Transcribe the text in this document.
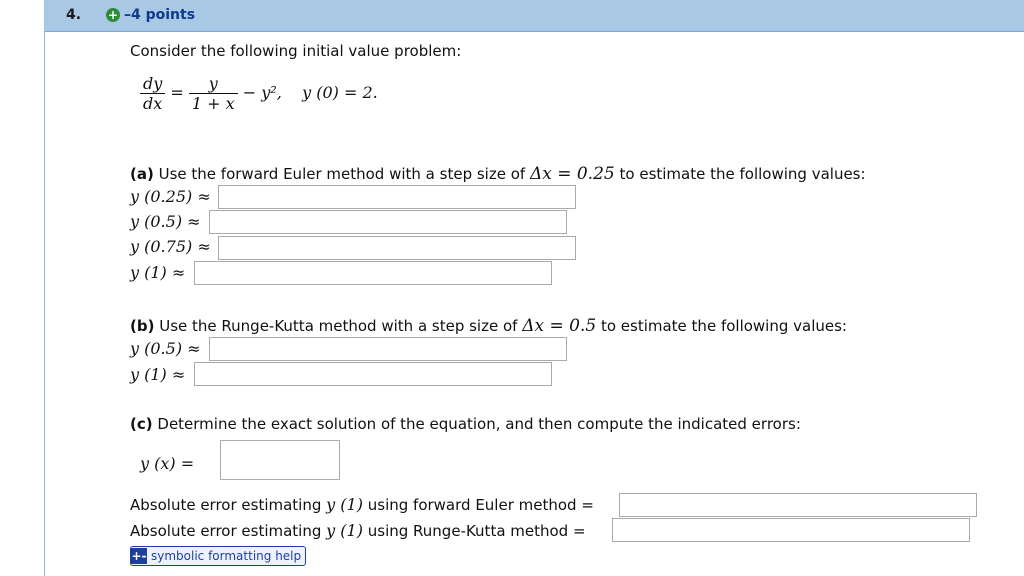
4. + –4 points
Consider the following initial value problem:
$\frac{dy}{dx} = \frac{y}{1 + x} - y^2$, y (0) = 2.
(a) Use the forward Euler method with a step size of Δx = 0.25 to estimate the following values:
y (0.25) ≈
y (0.5) ≈
y (0.75) ≈
y (1) ≈
(b) Use the Runge-Kutta method with a step size of Δx = 0.5 to estimate the following values:
y (0.5) ≈
y (1) ≈
(c) Determine the exact solution of the equation, and then compute the indicated errors:
y (x) =
Absolute error estimating y (1) using forward Euler method =
Absolute error estimating y (1) using Runge-Kutta method =
+- symbolic formatting help
